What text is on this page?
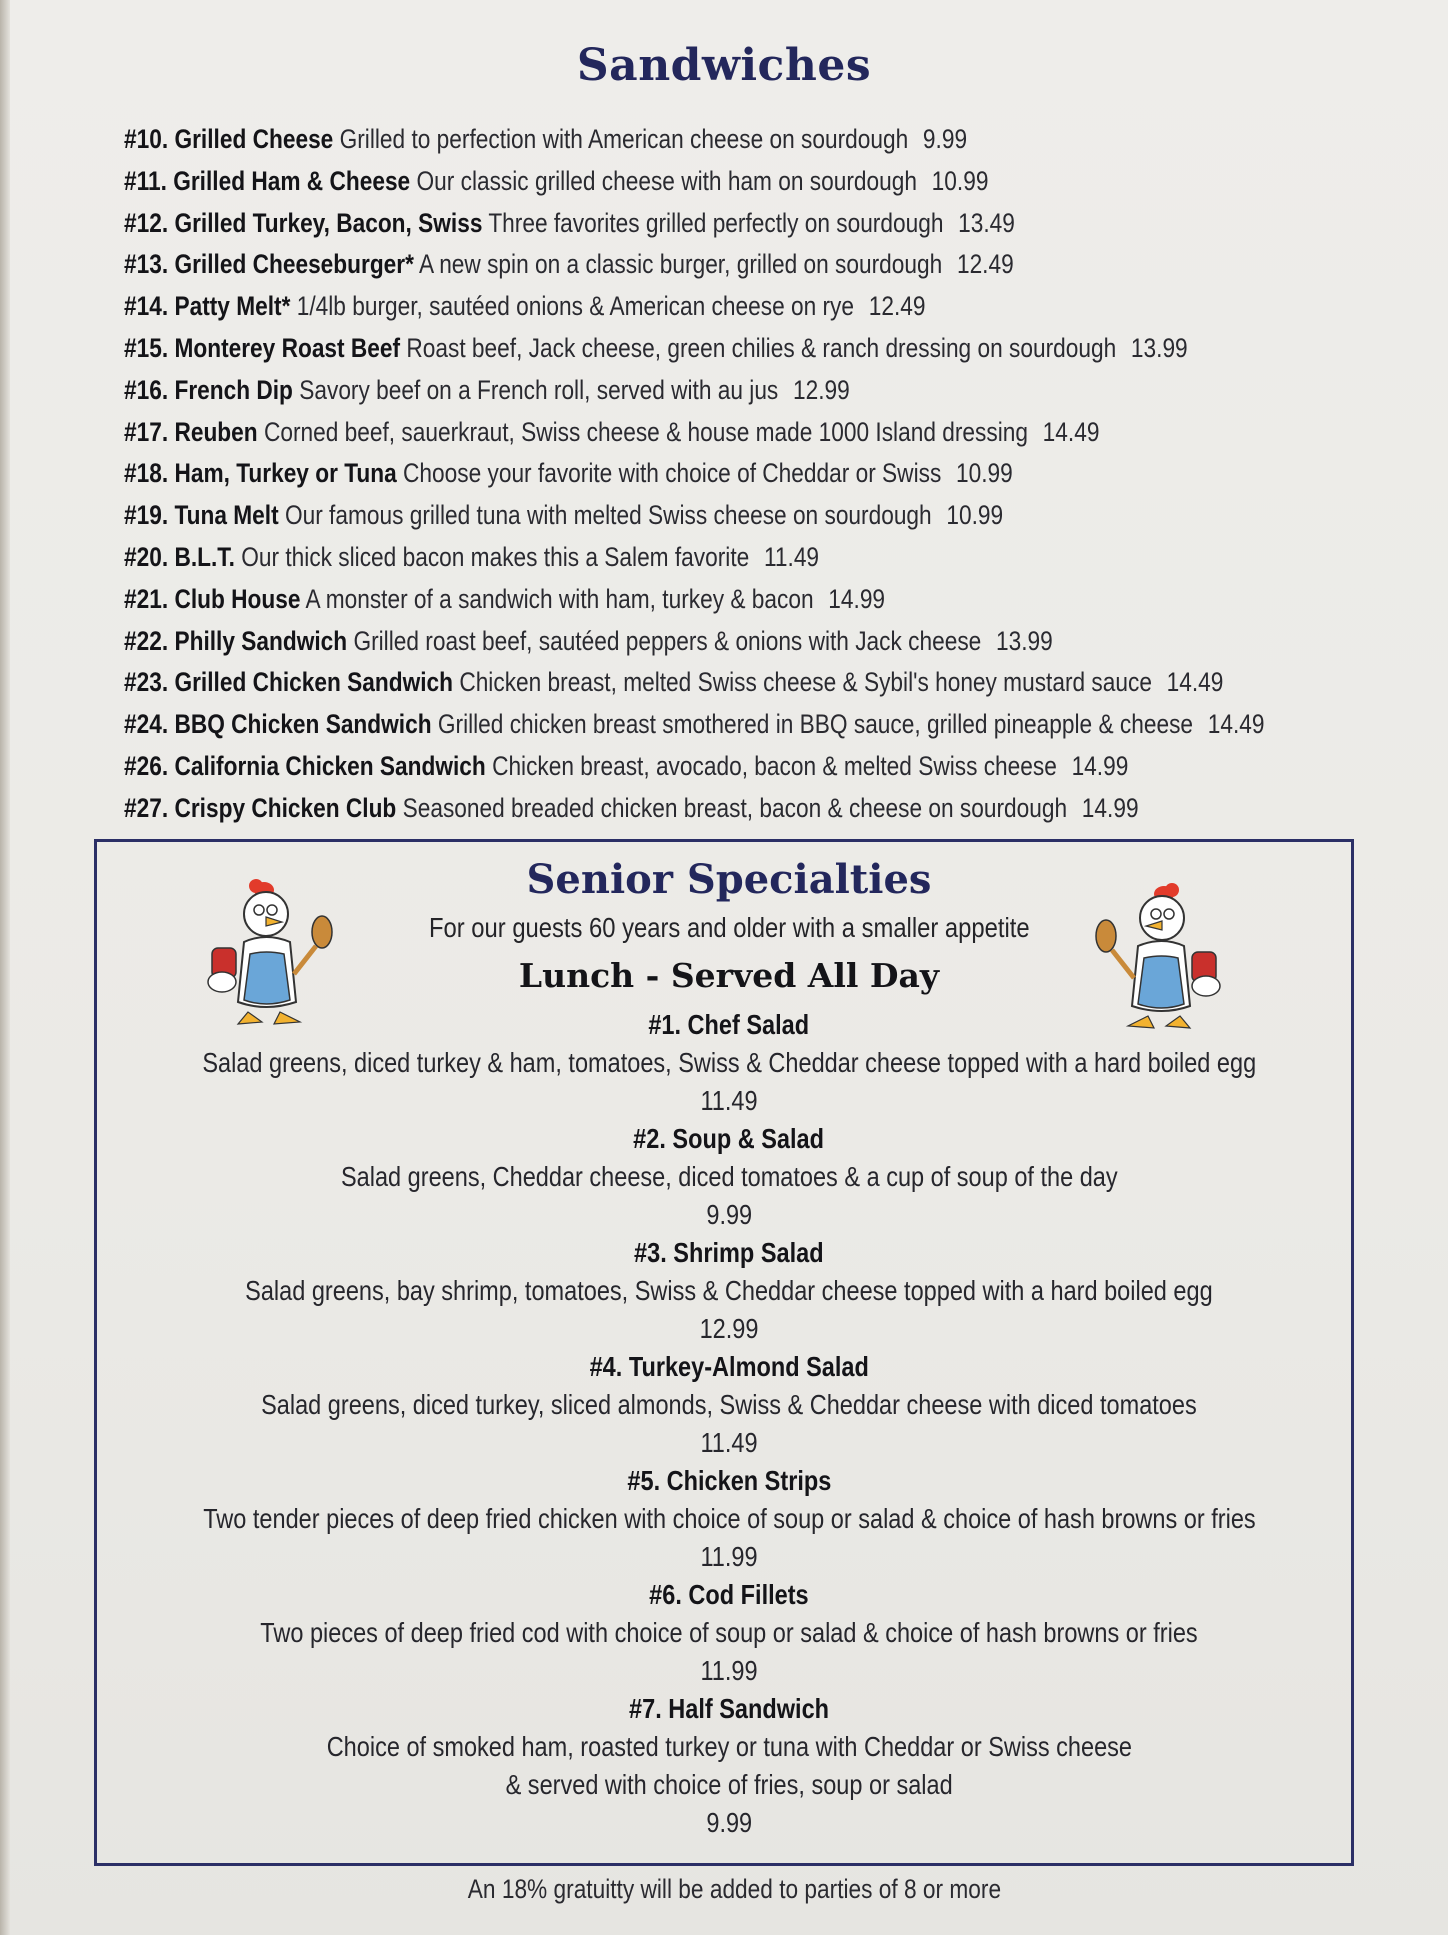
Sandwiches
#10. Grilled Cheese Grilled to perfection with American cheese on sourdough 9.99
#11. Grilled Ham & Cheese Our classic grilled cheese with ham on sourdough 10.99
#12. Grilled Turkey, Bacon, Swiss Three favorites grilled perfectly on sourdough 13.49
#13. Grilled Cheeseburger* A new spin on a classic burger, grilled on sourdough 12.49
#14. Patty Melt* 1/4lb burger, sautéed onions & American cheese on rye 12.49
#15. Monterey Roast Beef Roast beef, Jack cheese, green chilies & ranch dressing on sourdough 13.99
#16. French Dip Savory beef on a French roll, served with au jus 12.99
#17. Reuben Corned beef, sauerkraut, Swiss cheese & house made 1000 Island dressing 14.49
#18. Ham, Turkey or Tuna Choose your favorite with choice of Cheddar or Swiss 10.99
#19. Tuna Melt Our famous grilled tuna with melted Swiss cheese on sourdough 10.99
#20. B.L.T. Our thick sliced bacon makes this a Salem favorite 11.49
#21. Club House A monster of a sandwich with ham, turkey & bacon 14.99
#22. Philly Sandwich Grilled roast beef, sautéed peppers & onions with Jack cheese 13.99
#23. Grilled Chicken Sandwich Chicken breast, melted Swiss cheese & Sybil's honey mustard sauce 14.49
#24. BBQ Chicken Sandwich Grilled chicken breast smothered in BBQ sauce, grilled pineapple & cheese 14.49
#26. California Chicken Sandwich Chicken breast, avocado, bacon & melted Swiss cheese 14.99
#27. Crispy Chicken Club Seasoned breaded chicken breast, bacon & cheese on sourdough 14.99
Senior Specialties
For our guests 60 years and older with a smaller appetite
Lunch - Served All Day
#1. Chef Salad
Salad greens, diced turkey & ham, tomatoes, Swiss & Cheddar cheese topped with a hard boiled egg
11.49
#2. Soup & Salad
Salad greens, Cheddar cheese, diced tomatoes & a cup of soup of the day
9.99
#3. Shrimp Salad
Salad greens, bay shrimp, tomatoes, Swiss & Cheddar cheese topped with a hard boiled egg
12.99
#4. Turkey-Almond Salad
Salad greens, diced turkey, sliced almonds, Swiss & Cheddar cheese with diced tomatoes
11.49
#5. Chicken Strips
Two tender pieces of deep fried chicken with choice of soup or salad & choice of hash browns or fries
11.99
#6. Cod Fillets
Two pieces of deep fried cod with choice of soup or salad & choice of hash browns or fries
11.99
#7. Half Sandwich
Choice of smoked ham, roasted turkey or tuna with Cheddar or Swiss cheese
& served with choice of fries, soup or salad
9.99
An 18% gratuitty will be added to parties of 8 or more
